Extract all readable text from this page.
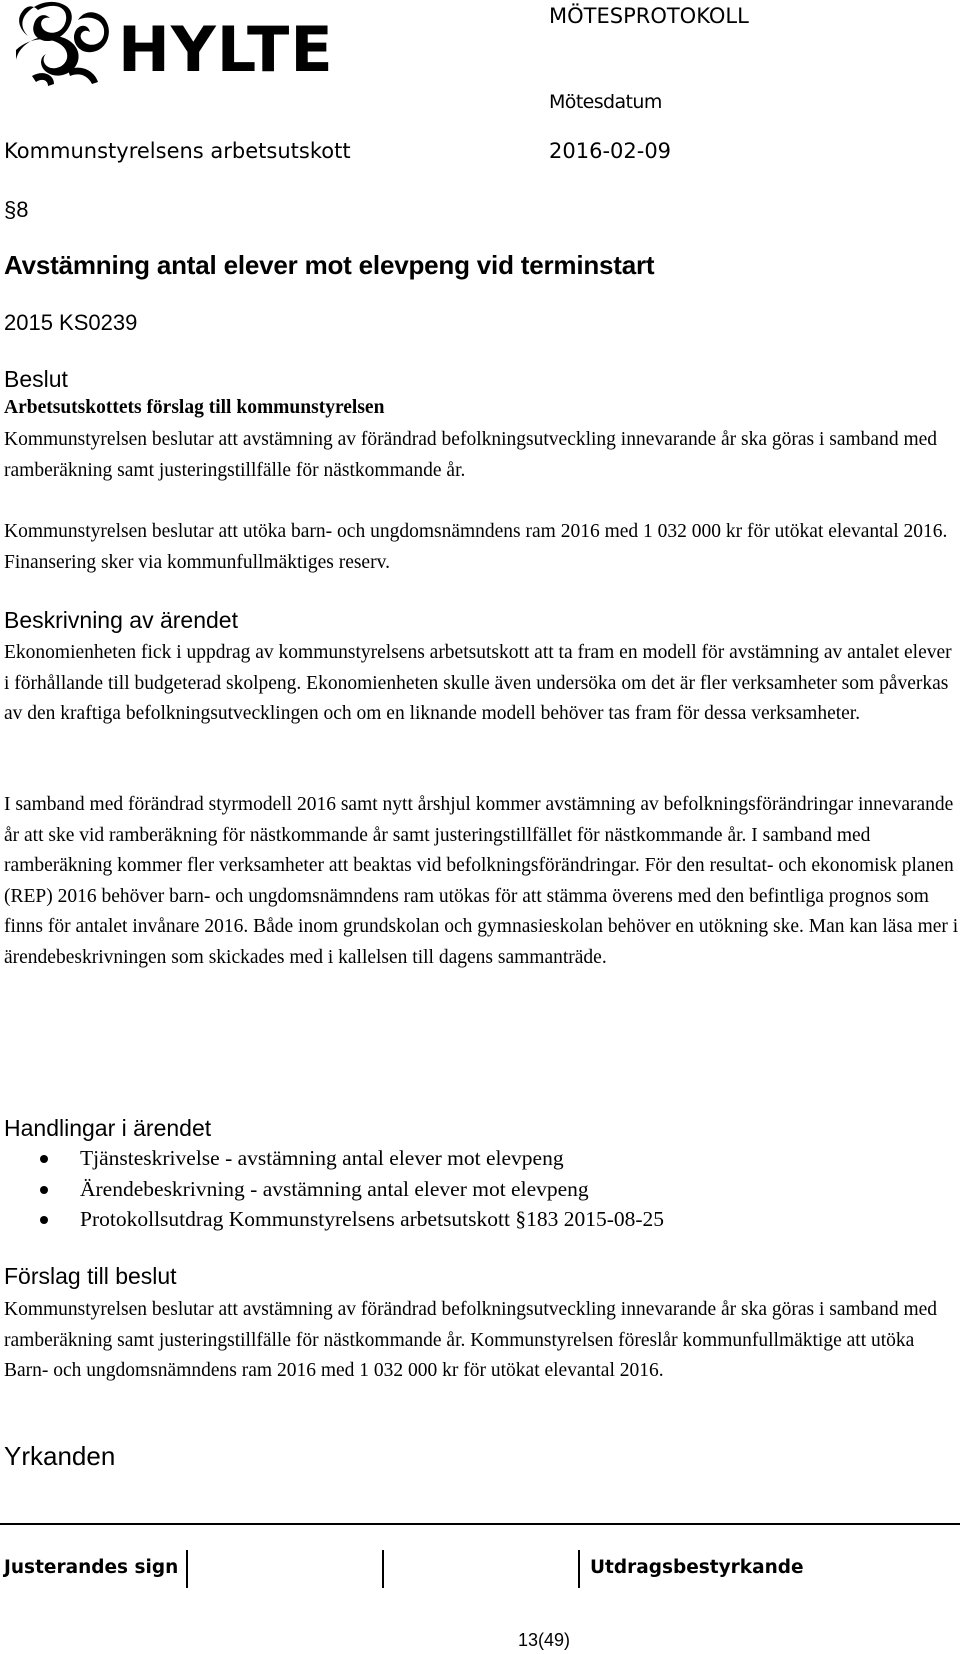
HYLTE	MÖTESPROTOKOLL
Mötesdatum
Kommunstyrelsens arbetsutskott	2016-02-09
§8
Avstämning antal elever mot elevpeng vid terminstart
2015 KS0239
Beslut
Arbetsutskottets förslag till kommunstyrelsen

Kommunstyrelsen beslutar att avstämning av förändrad befolkningsutveckling innevarande år ska göras i samband med ramberäkning samt justeringstillfälle för nästkommande år.

Kommunstyrelsen beslutar att utöka barn- och ungdomsnämndens ram 2016 med 1 032 000 kr för utökat elevantal 2016. Finansering sker via kommunfullmäktiges reserv.

Beskrivning av ärendet

Ekonomienheten fick i uppdrag av kommunstyrelsens arbetsutskott att ta fram en modell för avstämning av antalet elever i förhållande till budgeterad skolpeng. Ekonomienheten skulle även undersöka om det är fler verksamheter som påverkas av den kraftiga befolkningsutvecklingen och om en liknande modell behöver tas fram för dessa verksamheter.

I samband med förändrad styrmodell 2016 samt nytt årshjul kommer avstämning av befolkningsförändringar innevarande år att ske vid ramberäkning för nästkommande år samt justeringstillfället för nästkommande år. I samband med ramberäkning kommer fler verksamheter att beaktas vid befolkningsförändringar. För den resultat- och ekonomisk planen (REP) 2016 behöver barn- och ungdomsnämndens ram utökas för att stämma överens med den befintliga prognos som finns för antalet invånare 2016. Både inom grundskolan och gymnasieskolan behöver en utökning ske. Man kan läsa mer i ärendebeskrivningen som skickades med i kallelsen till dagens sammanträde.

Handlingar i ärendet
Tjänsteskrivelse - avstämning antal elever mot elevpeng
Ärendebeskrivning - avstämning antal elever mot elevpeng
Protokollsutdrag Kommunstyrelsens arbetsutskott §183 2015-08-25
Förslag till beslut

Kommunstyrelsen beslutar att avstämning av förändrad befolkningsutveckling innevarande år ska göras i samband med ramberäkning samt justeringstillfälle för nästkommande år. Kommunstyrelsen föreslår kommunfullmäktige att utöka Barn- och ungdomsnämndens ram 2016 med 1 032 000 kr för utökat elevantal 2016.

Yrkanden
Justerandes sign	Utdragsbestyrkande
13(49)
